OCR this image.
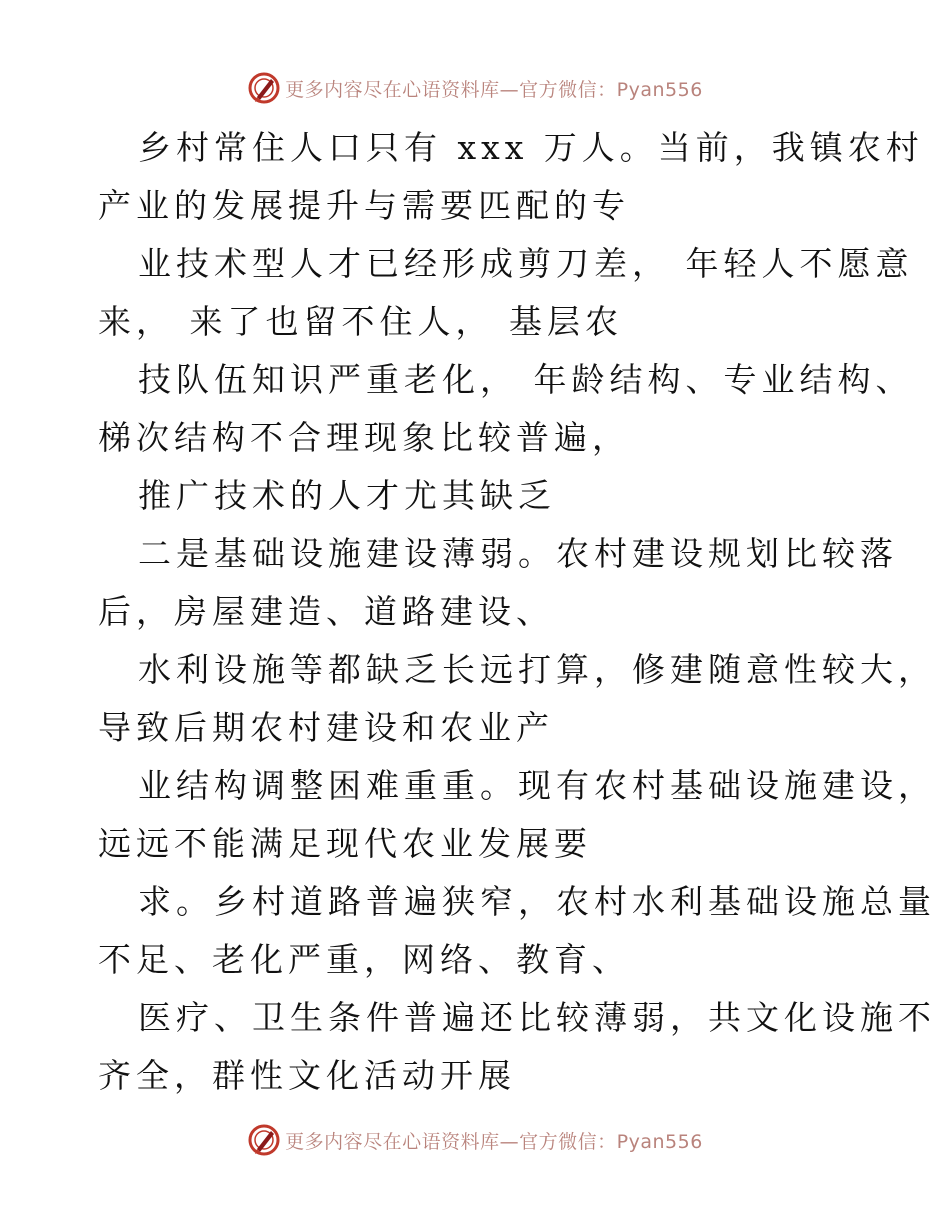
更多内容尽在心语资料库—官方微信：Pyan556
乡村常住人口只有 xxx 万人。当前，我镇农村
产业的发展提升与需要匹配的专
业技术型人才已经形成剪刀差， 年轻人不愿意
来， 来了也留不住人， 基层农
技队伍知识严重老化， 年龄结构、专业结构、
梯次结构不合理现象比较普遍，
推广技术的人才尤其缺乏
二是基础设施建设薄弱。农村建设规划比较落
后，房屋建造、道路建设、
水利设施等都缺乏长远打算，修建随意性较大，
导致后期农村建设和农业产
业结构调整困难重重。现有农村基础设施建设，
远远不能满足现代农业发展要
求。乡村道路普遍狭窄，农村水利基础设施总量
不足、老化严重，网络、教育、
医疗、卫生条件普遍还比较薄弱，共文化设施不
齐全，群性文化活动开展
更多内容尽在心语资料库—官方微信：Pyan556
